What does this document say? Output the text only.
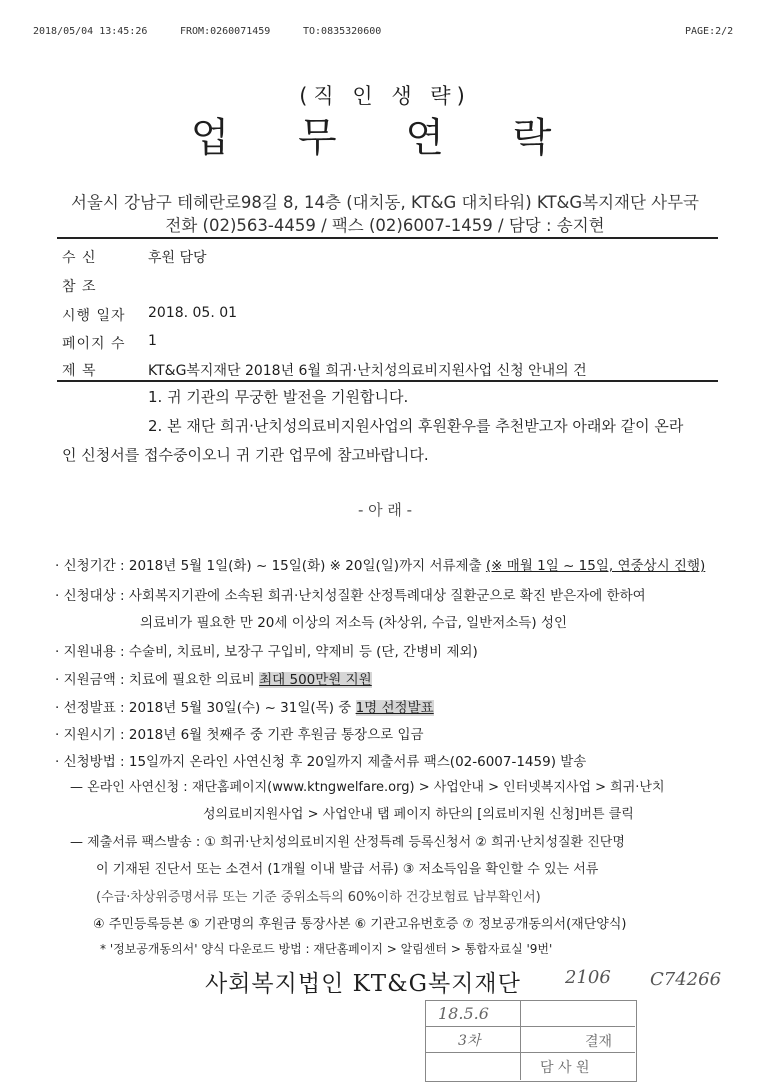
2018/05/04 13:45:26	FROM:0260071459	TO:0835320600	PAGE:2/2
(직 인 생 략)
업 무 연 락
서울시 강남구 테헤란로98길 8, 14층 (대치동, KT&G 대치타워) KT&G복지재단 사무국
전화 (02)563-4459 / 팩스 (02)6007-1459 / 담당 : 송지현
수 신	후원 담당
참 조
시행 일자 2018. 05. 01
페이지 수 1
제 목	KT&G복지재단 2018년 6월 희귀·난치성의료비지원사업 신청 안내의 건
1. 귀 기관의 무궁한 발전을 기원합니다.
2. 본 재단 희귀·난치성의료비지원사업의 후원환우를 추천받고자 아래와 같이 온라
인 신청서를 접수중이오니 귀 기관 업무에 참고바랍니다.
- 아 래 -
· 신청기간 : 2018년 5월 1일(화) ~ 15일(화) ※ 20일(일)까지 서류제출 (※ 매월 1일 ~ 15일, 연중상시 진행)
· 신청대상 : 사회복지기관에 소속된 희귀·난치성질환 산정특례대상 질환군으로 확진 받은자에 한하여
의료비가 필요한 만 20세 이상의 저소득 (차상위, 수급, 일반저소득) 성인
· 지원내용 : 수술비, 치료비, 보장구 구입비, 약제비 등 (단, 간병비 제외)
· 지원금액 : 치료에 필요한 의료비 최대 500만원 지원
· 선정발표 : 2018년 5월 30일(수) ~ 31일(목) 중 1명 선정발표
· 지원시기 : 2018년 6월 첫째주 중 기관 후원금 통장으로 입금
· 신청방법 : 15일까지 온라인 사연신청 후 20일까지 제출서류 팩스(02-6007-1459) 발송
— 온라인 사연신청 : 재단홈페이지(www.ktngwelfare.org) > 사업안내 > 인터넷복지사업 > 희귀·난치
성의료비지원사업 > 사업안내 탭 페이지 하단의 [의료비지원 신청]버튼 클릭
— 제출서류 팩스발송 : ① 희귀·난치성의료비지원 산정특례 등록신청서 ② 희귀·난치성질환 진단명
이 기재된 진단서 또는 소견서 (1개월 이내 발급 서류) ③ 저소득임을 확인할 수 있는 서류
(수급·차상위증명서류 또는 기준 중위소득의 60%이하 건강보험료 납부확인서)
④ 주민등록등본 ⑤ 기관명의 후원금 통장사본 ⑥ 기관고유번호증 ⑦ 정보공개동의서(재단양식)
* '정보공개동의서' 양식 다운로드 방법 : 재단홈페이지 > 알림센터 > 통합자료실 '9번'
사회복지법인 KT&G복지재단 2106 C74266
18.5.6
3차	결재
담 사 원
